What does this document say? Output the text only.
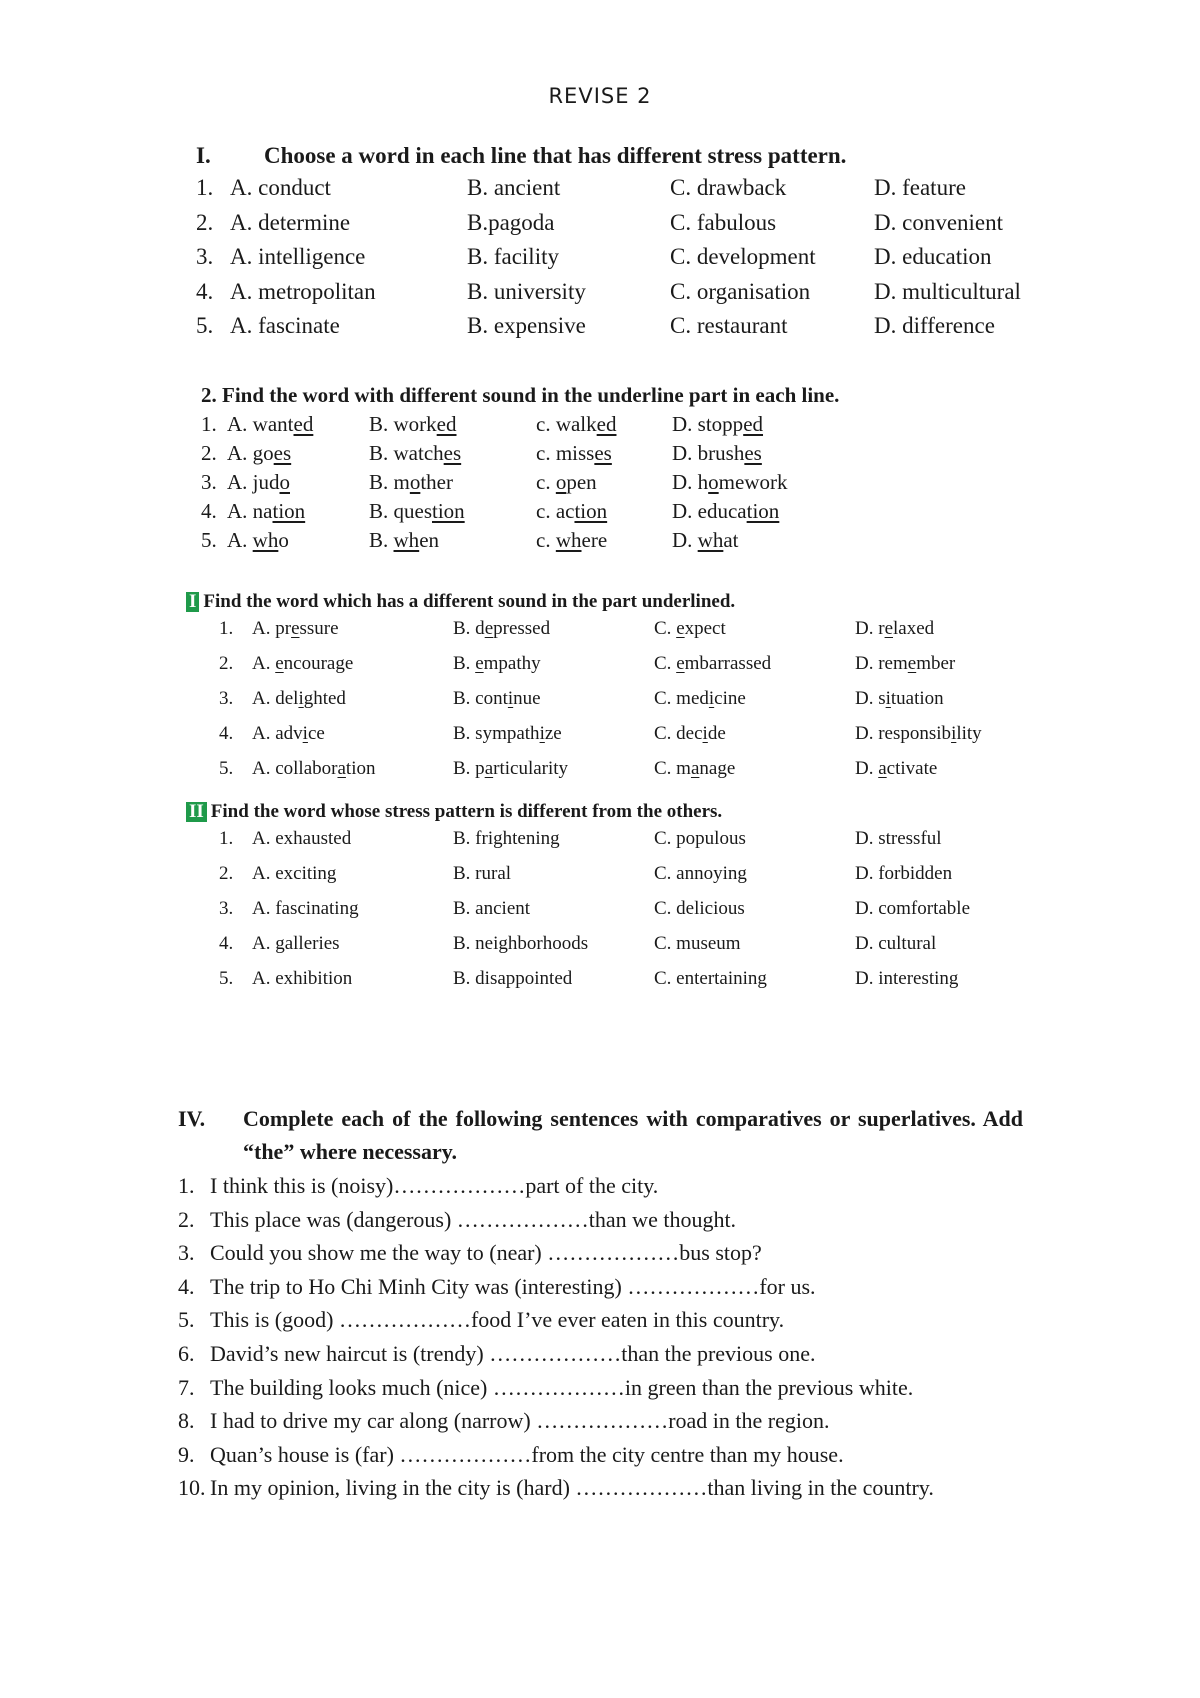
REVISE 2
I. Choose a word in each line that has different stress pattern.
1. A. conduct	B. ancient	C. drawback	D. feature
2. A. determine	B.pagoda	C. fabulous	D. convenient
3. A. intelligence	B. facility	C. development	D. education
4. A. metropolitan	B. university	C. organisation	D. multicultural
5. A. fascinate	B. expensive	C. restaurant	D. difference
2. Find the word with different sound in the underline part in each line.
1. A. wanted	B. worked	c. walked	D. stopped
2. A. goes	B. watches	c. misses	D. brushes
3. A. judo	B. mother	c. open	D. homework
4. A. nation	B. question	c. action	D. education
5. A. who	B. when	c. where	D. what
I Find the word which has a different sound in the part underlined.
1. A. pressure	B. depressed	C. expect	D. relaxed
2. A. encourage	B. empathy	C. embarrassed	D. remember
3. A. delighted	B. continue	C. medicine	D. situation
4. A. advice	B. sympathize	C. decide	D. responsibility
5. A. collaboration	B. particularity	C. manage	D. activate
II Find the word whose stress pattern is different from the others.
1. A. exhausted	B. frightening	C. populous	D. stressful
2. A. exciting	B. rural	C. annoying	D. forbidden
3. A. fascinating	B. ancient	C. delicious	D. comfortable
4. A. galleries	B. neighborhoods	C. museum	D. cultural
5. A. exhibition	B. disappointed	C. entertaining	D. interesting
IV.	Complete each of the following sentences with comparatives or superlatives. Add “the” where necessary.
1. I think this is (noisy)………………part of the city.
2. This place was (dangerous) ………………than we thought.
3. Could you show me the way to (near) ………………bus stop?
4. The trip to Ho Chi Minh City was (interesting) ………………for us.
5. This is (good) ………………food I’ve ever eaten in this country.
6. David’s new haircut is (trendy) ………………than the previous one.
7. The building looks much (nice) ………………in green than the previous white.
8. I had to drive my car along (narrow) ………………road in the region.
9. Quan’s house is (far) ………………from the city centre than my house.
10. In my opinion, living in the city is (hard) ………………than living in the country.
